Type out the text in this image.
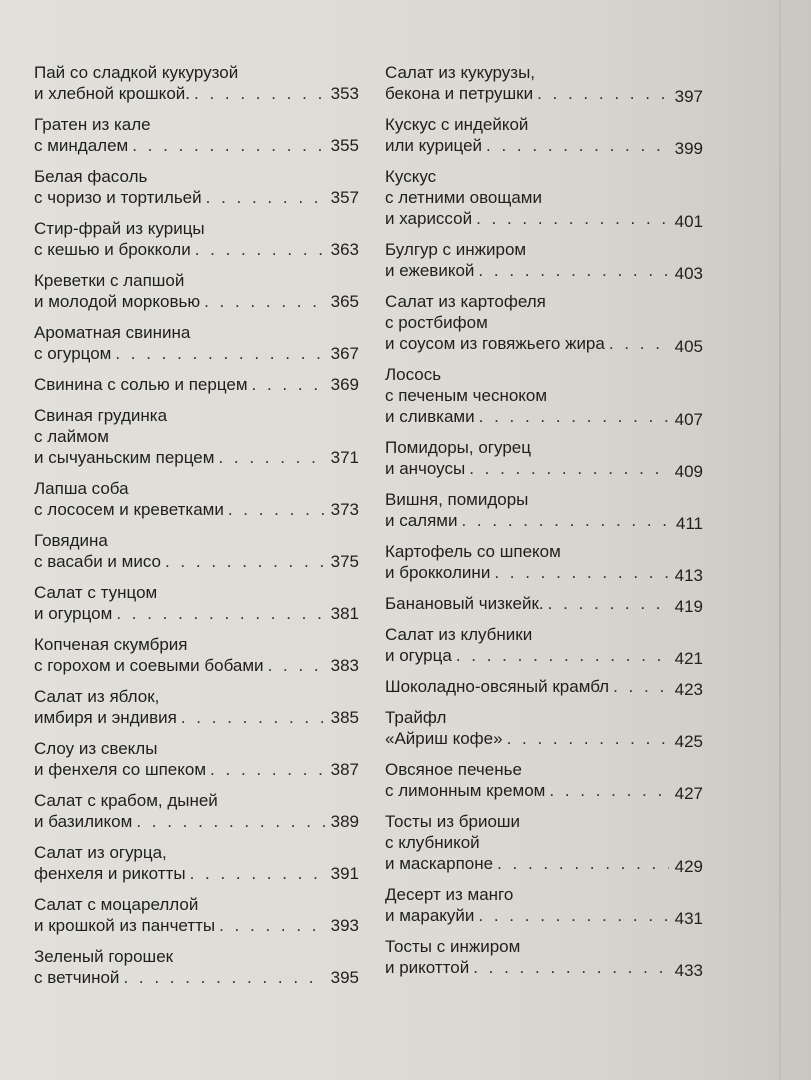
Пай со сладкой кукурузой
и хлебной крошкой. . . .	353
Гратен из кале
с миндалем . . .	355
Белая фасоль
с чоризо и тортильей . . .	357
Стир-фрай из курицы
с кешью и брокколи . . .	363
Креветки с лапшой
и молодой морковью . . .	365
Ароматная свинина
с огурцом . . .	367
Свинина с солью и перцем . . .	369
Свиная грудинка
с лаймом
и сычуаньским перцем . . .	371
Лапша соба
с лососем и креветками . . .	373
Говядина
с васаби и мисо . . .	375
Салат с тунцом
и огурцом . . .	381
Копченая скумбрия
с горохом и соевыми бобами . . .	383
Салат из яблок,
имбиря и эндивия . . .	385
Слоу из свеклы
и фенхеля со шпеком . . .	387
Салат с крабом, дыней
и базиликом . . .	389
Салат из огурца,
фенхеля и рикотты . . .	391
Салат с моцареллой
и крошкой из панчетты . . .	393
Зеленый горошек
с ветчиной . . .	395
Салат из кукурузы,
бекона и петрушки . . .	397
Кускус с индейкой
или курицей . . .	399
Кускус
с летними овощами
и хариссой . . .	401
Булгур с инжиром
и ежевикой . . .	403
Салат из картофеля
с ростбифом
и соусом из говяжьего жира . . .	405
Лосось
с печеным чесноком
и сливками . . .	407
Помидоры, огурец
и анчоусы . . .	409
Вишня, помидоры
и салями . . .	411
Картофель со шпеком
и брокколини . . .	413
Банановый чизкейк. . . .	419
Салат из клубники
и огурца . . .	421
Шоколадно-овсяный крамбл . . .	423
Трайфл
«Айриш кофе» . . .	425
Овсяное печенье
с лимонным кремом . . .	427
Тосты из бриоши
с клубникой
и маскарпоне . . .	429
Десерт из манго
и маракуйи . . .	431
Тосты с инжиром
и рикоттой . . .	433
